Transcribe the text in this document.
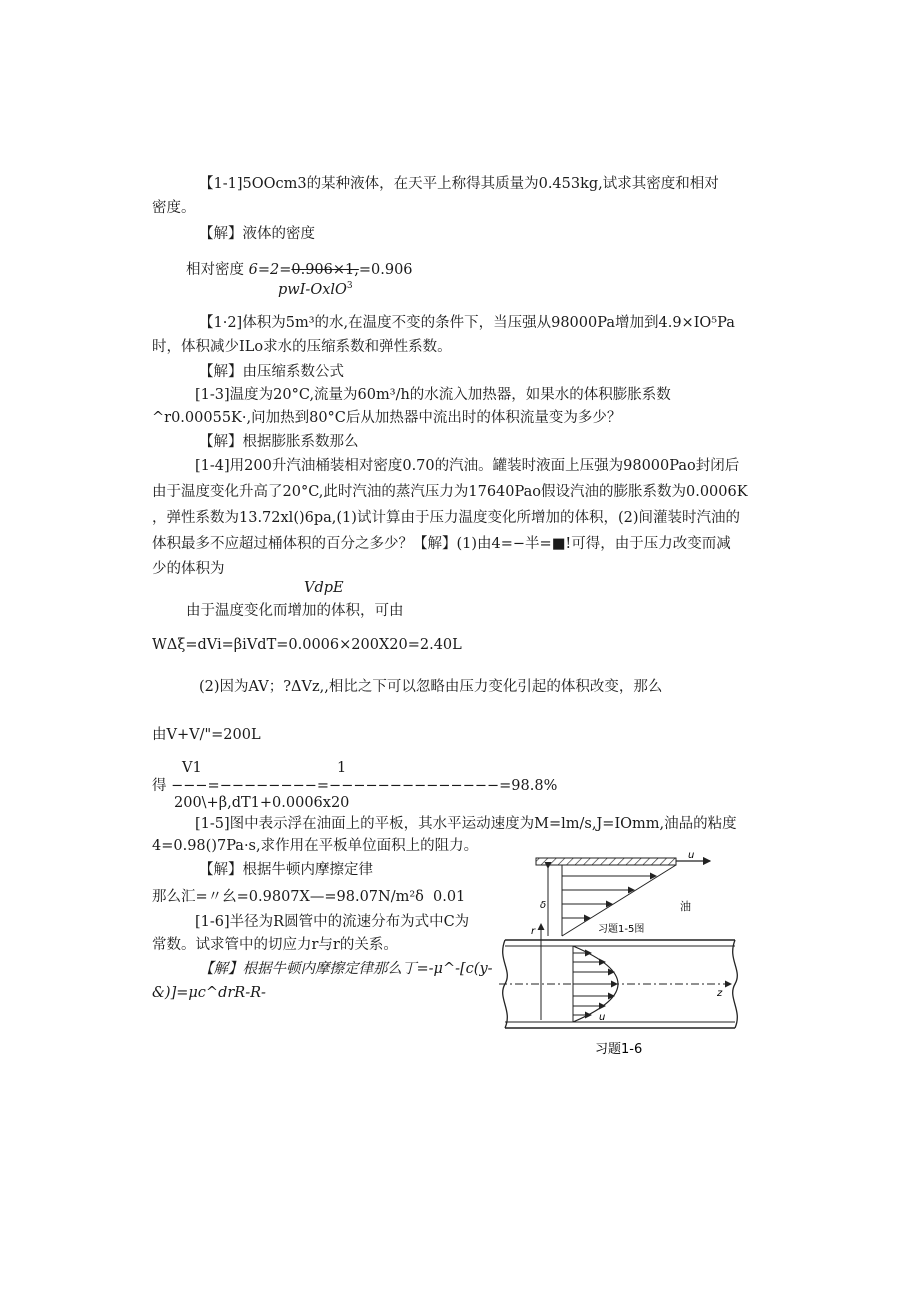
【1-1]5OOcm3的某种液体，在天平上称得其质量为0.453kg,试求其密度和相对
密度。
【解】液体的密度
相对密度 6=2=0.906×1,=0.906
pwI-OxlO$^3$
【1·2]体积为5m³的水,在温度不变的条件下，当压强从98000Pa增加到4.9×IO⁵Pa
时，体积减少ILo求水的压缩系数和弹性系数。
【解】由压缩系数公式
[1-3]温度为20°C,流量为60m³/h的水流入加热器，如果水的体积膨胀系数
^r0.00055K·,问加热到80°C后从加热器中流出时的体积流量变为多少？
【解】根据膨胀系数那么
[1-4]用200升汽油桶装相对密度0.70的汽油。罐装时液面上压强为98000Pao封闭后
由于温度变化升高了20°C,此时汽油的蒸汽压力为17640Pao假设汽油的膨胀系数为0.0006K
，弹性系数为13.72xl()6pa,(1)试计算由于压力温度变化所增加的体积，(2)间灌装时汽油的
体积最多不应超过桶体积的百分之多少？【解】(1)由4=−半=■!可得，由于压力改变而减
少的体积为
VdpE
由于温度变化而增加的体积，可由
WΔξ=dVi=βiVdT=0.0006×200X20=2.40L
(2)因为AV；?ΔVz,,相比之下可以忽略由压力变化引起的体积改变，那么
由V+V/"=200L
V1	1
得 −−−=−−−−−−−−=−−−−−−−−−−−−−−=98.8%
200\+β,dT1+0.0006x20
[1-5]图中表示浮在油面上的平板，其水平运动速度为M=lm/s,J=IOmm,油品的粘度
4=0.98()7Pa·s,求作用在平板单位面积上的阻力。
【解】根据牛顿内摩擦定律
那么汇=〃幺=0.9807X—=98.07N/m²δ 0.01
[1-6]半径为R圆管中的流速分布为式中C为
常数。试求管中的切应力r与r的关系。
【解】根据牛顿内摩擦定律那么丁=-μ^-[c(y-
&)]=μc^drR-R-
u
δ	油
习题1-5图
r
z
u
习题1-6
